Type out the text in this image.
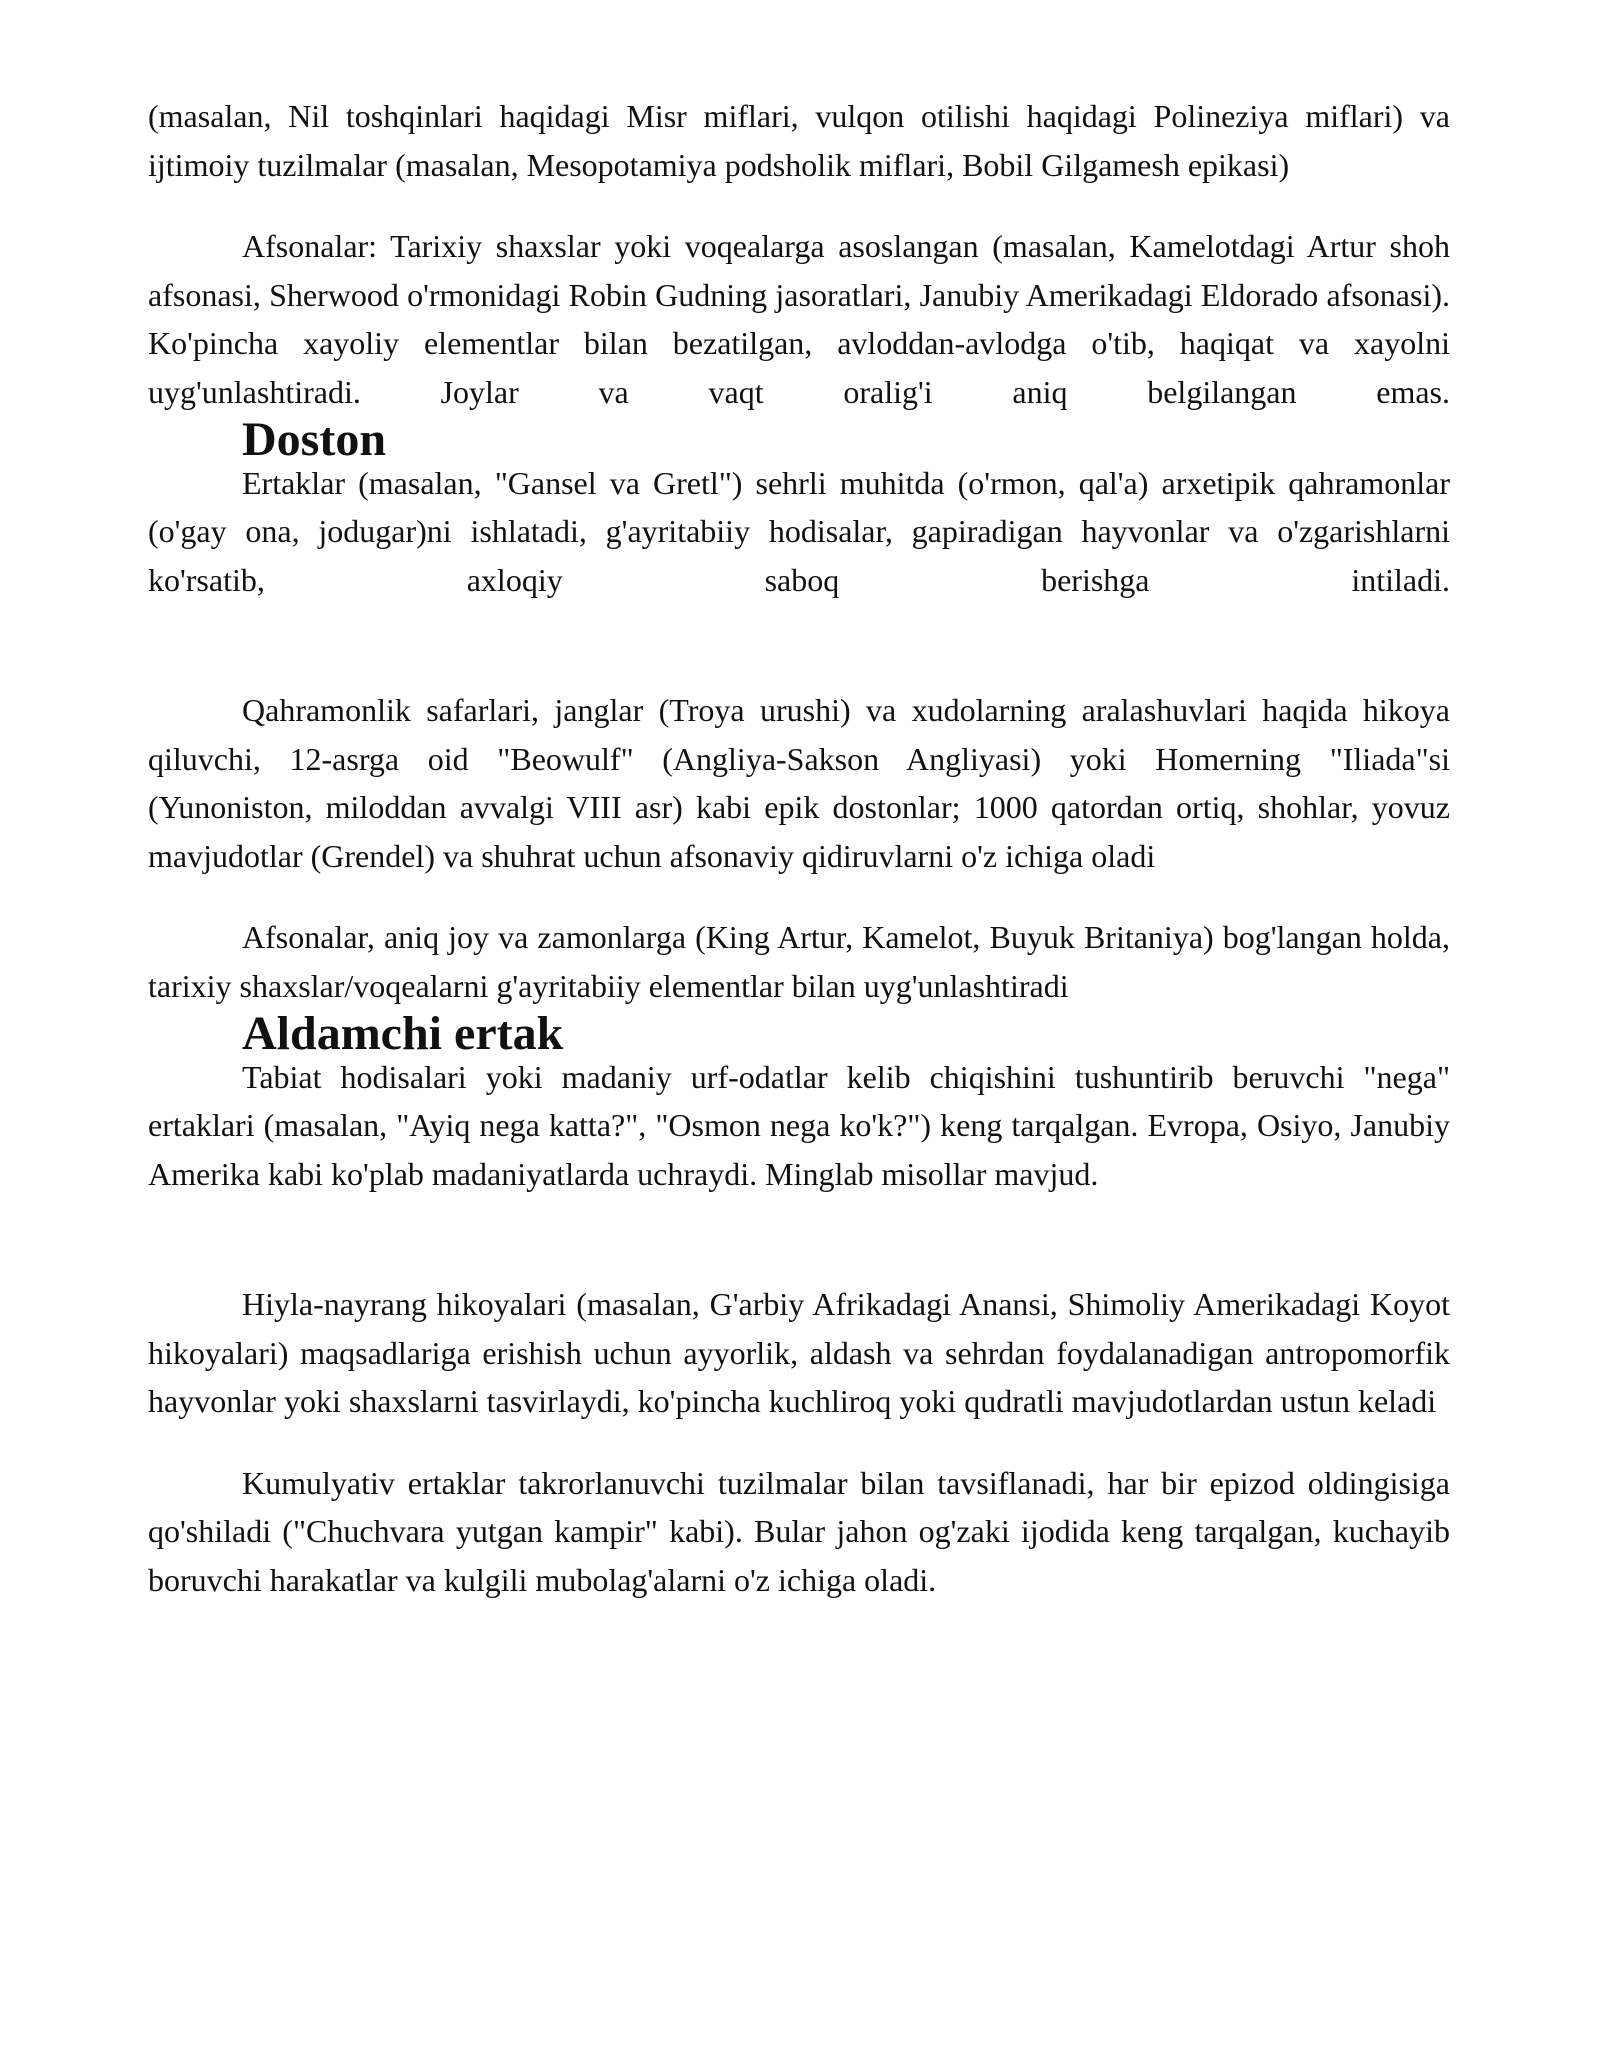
(masalan, Nil toshqinlari haqidagi Misr miflari, vulqon otilishi haqidagi Polineziya miflari) va ijtimoiy tuzilmalar (masalan, Mesopotamiya podsholik miflari, Bobil Gilgamesh epikasi)

Afsonalar: Tarixiy shaxslar yoki voqealarga asoslangan (masalan, Kamelotdagi Artur shoh afsonasi, Sherwood o'rmonidagi Robin Gudning jasoratlari, Janubiy Amerikadagi Eldorado afsonasi). Ko'pincha xayoliy elementlar bilan bezatilgan, avloddan-avlodga o'tib, haqiqat va xayolni uyg'unlashtiradi. Joylar va vaqt oralig'i aniq belgilangan emas.

Doston

Ertaklar (masalan, "Gansel va Gretl") sehrli muhitda (o'rmon, qal'a) arxetipik qahramonlar (o'gay ona, jodugar)ni ishlatadi, g'ayritabiiy hodisalar, gapiradigan hayvonlar va o'zgarishlarni ko'rsatib, axloqiy saboq berishga intiladi.

Qahramonlik safarlari, janglar (Troya urushi) va xudolarning aralashuvlari haqida hikoya qiluvchi, 12-asrga oid "Beowulf" (Angliya-Sakson Angliyasi) yoki Homerning "Iliada"si (Yunoniston, miloddan avvalgi VIII asr) kabi epik dostonlar; 1000 qatordan ortiq, shohlar, yovuz mavjudotlar (Grendel) va shuhrat uchun afsonaviy qidiruvlarni o'z ichiga oladi

Afsonalar, aniq joy va zamonlarga (King Artur, Kamelot, Buyuk Britaniya) bog'langan holda, tarixiy shaxslar/voqealarni g'ayritabiiy elementlar bilan uyg'unlashtiradi

Aldamchi ertak

Tabiat hodisalari yoki madaniy urf-odatlar kelib chiqishini tushuntirib beruvchi "nega" ertaklari (masalan, "Ayiq nega katta?", "Osmon nega ko'k?") keng tarqalgan. Evropa, Osiyo, Janubiy Amerika kabi ko'plab madaniyatlarda uchraydi. Minglab misollar mavjud.

Hiyla-nayrang hikoyalari (masalan, G'arbiy Afrikadagi Anansi, Shimoliy Amerikadagi Koyot hikoyalari) maqsadlariga erishish uchun ayyorlik, aldash va sehrdan foydalanadigan antropomorfik hayvonlar yoki shaxslarni tasvirlaydi, ko'pincha kuchliroq yoki qudratli mavjudotlardan ustun keladi

Kumulyativ ertaklar takrorlanuvchi tuzilmalar bilan tavsiflanadi, har bir epizod oldingisiga qo'shiladi ("Chuchvara yutgan kampir" kabi). Bular jahon og'zaki ijodida keng tarqalgan, kuchayib boruvchi harakatlar va kulgili mubolag'alarni o'z ichiga oladi.
